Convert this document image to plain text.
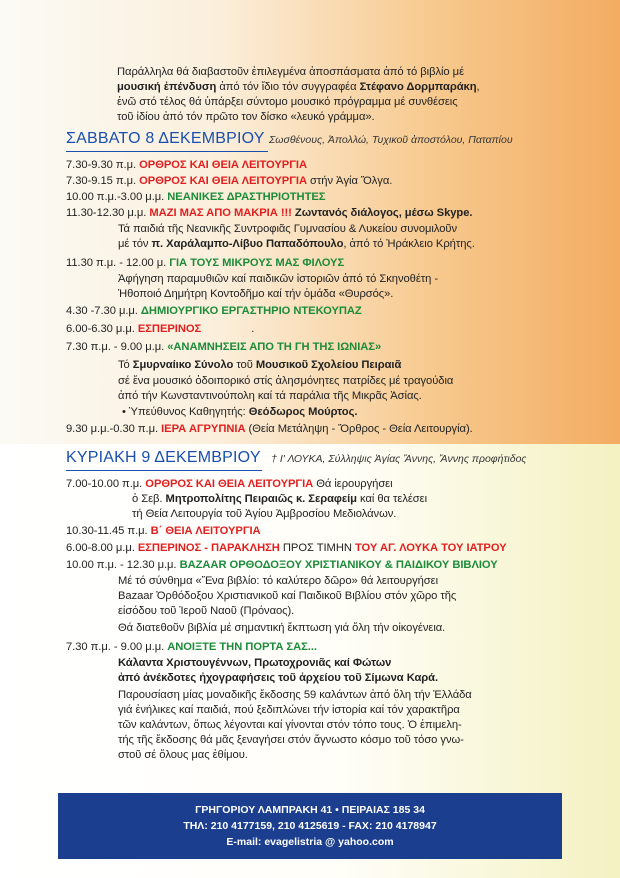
Παράλληλα θά διαβαστοῦν ἐπιλεγμένα ἀποσπάσματα ἀπό τό βιβλίο μέ
μουσική ἐπένδυση ἀπό τόν ἴδιο τόν συγγραφέα Στέφανο Δορμπαράκη,
ἐνῶ στό τέλος θά ὑπάρξει σύντομο μουσικό πρόγραμμα μέ συνθέσεις
τοῦ ἰδίου ἀπό τόν πρῶτο τον δίσκο «λευκό γράμμα».
ΣΑΒΒΑΤΟ 8 ΔΕΚΕΜΒΡΙΟΥ Σωσθένους, Ἀπολλώ, Τυχικοῦ ἀποστόλου, Παταπίου
7.30-9.30 π.μ. ΟΡΘΡΟΣ ΚΑΙ ΘΕΙΑ ΛΕΙΤΟΥΡΓΙΑ
7.30-9.15 π.μ. ΟΡΘΡΟΣ ΚΑΙ ΘΕΙΑ ΛΕΙΤΟΥΡΓΙΑ στήν Ἁγία Ὄλγα.
10.00 π.μ.-3.00 μ.μ. ΝΕΑΝΙΚΕΣ ΔΡΑΣΤΗΡΙΟΤΗΤΕΣ
11.30-12.30 μ.μ. ΜΑΖΙ ΜΑΣ ΑΠΟ ΜΑΚΡΙΑ !!! Ζωντανός διάλογος, μέσω Skype.
Τά παιδιά τῆς Νεανικῆς Συντροφιᾶς Γυμνασίου & Λυκείου συνομιλοῦν
μέ τόν π. Χαράλαμπο-Λίβυο Παπαδόπουλο, ἀπό τό Ἡράκλειο Κρήτης.
11.30 π.μ. - 12.00 μ. ΓΙΑ ΤΟΥΣ ΜΙΚΡΟΥΣ ΜΑΣ ΦΙΛΟΥΣ
Ἀφήγηση παραμυθιῶν καί παιδικῶν ἱστοριῶν ἀπό τό Σκηνοθέτη -
Ἠθοποιό Δημήτρη Κοντοδῆμο καί τήν ὁμάδα «Θυρσός».
4.30 -7.30 μ.μ. ΔΗΜΙΟΥΡΓΙΚΟ ΕΡΓΑΣΤΗΡΙΟ ΝΤΕΚΟΥΠΑΖ
6.00-6.30 μ.μ. ΕΣΠΕΡΙΝΟΣ	.
7.30 π.μ. - 9.00 μ.μ. «ΑΝΑΜΝΗΣΕΙΣ ΑΠΟ ΤΗ ΓΗ ΤΗΣ ΙΩΝΙΑΣ»
Τό Σμυρναίικο Σύνολο τοῦ Μουσικοῦ Σχολείου Πειραιᾶ
σέ ἕνα μουσικό ὁδοιπορικό στίς ἀλησμόνητες πατρίδες μέ τραγούδια
ἀπό τήν Κωνσταντινούπολη καί τά παράλια τῆς Μικρᾶς Ἀσίας.
• Ὑπεύθυνος Καθηγητής: Θεόδωρος Μούρτος.
9.30 μ.μ.-0.30 π.μ. ΙΕΡΑ ΑΓΡΥΠΝΙΑ (Θεία Μετάληψη - Ὄρθρος - Θεία Λειτουργία).
ΚΥΡΙΑΚΗ 9 ΔΕΚΕΜΒΡΙΟΥ † Ι' ΛΟΥΚΑ, Σύλληψις Ἁγίας Ἄννης, Ἄννης προφήτιδος
7.00-10.00 π.μ. ΟΡΘΡΟΣ ΚΑΙ ΘΕΙΑ ΛΕΙΤΟΥΡΓΙΑ Θά ἱερουργήσει
ὁ Σεβ. Μητροπολίτης Πειραιῶς κ. Σεραφείμ καί θα τελέσει
τή Θεία Λειτουργία τοῦ Ἁγίου Ἀμβροσίου Μεδιολάνων.
10.30-11.45 π.μ. Β΄ ΘΕΙΑ ΛΕΙΤΟΥΡΓΙΑ
6.00-8.00 μ.μ. ΕΣΠΕΡΙΝΟΣ - ΠΑΡΑΚΛΗΣΗ ΠΡΟΣ ΤΙΜΗΝ ΤΟΥ ΑΓ. ΛΟΥΚΑ ΤΟΥ ΙΑΤΡΟΥ
10.00 π.μ. - 12.30 μ.μ. BAZAAR ΟΡΘΟΔΟΞΟΥ ΧΡΙΣΤΙΑΝΙΚΟΥ & ΠΑΙΔΙΚΟΥ ΒΙΒΛΙΟΥ
Μέ τό σύνθημα «Ἕνα βιβλίο: τό καλύτερο δῶρο» θά λειτουργήσει
Bazaar Ὀρθόδοξου Χριστιανικοῦ καί Παιδικοῦ Βιβλίου στόν χῶρο τῆς
εἰσόδου τοῦ Ἱεροῦ Ναοῦ (Πρόναος).
Θά διατεθοῦν βιβλία μέ σημαντική ἔκπτωση γιά ὅλη τήν οἰκογένεια.
7.30 π.μ. - 9.00 μ.μ. ΑΝΟΙΞΤΕ ΤΗΝ ΠΟΡΤΑ ΣΑΣ...
Κάλαντα Χριστουγέννων, Πρωτοχρονιᾶς καί Φώτων
ἀπό ἀνέκδοτες ἠχογραφήσεις τοῦ ἀρχείου τοῦ Σίμωνα Καρά.
Παρουσίαση μίας μοναδικῆς ἔκδοσης 59 καλάντων ἀπό ὅλη τήν Ἑλλάδα
γιά ἐνήλικες καί παιδιά, πού ξεδιπλώνει τήν ἱστορία καί τόν χαρακτῆρα
τῶν καλάντων, ὅπως λέγονται καί γίνονται στόν τόπο τους. Ὁ ἐπιμελη-
τής τῆς ἔκδοσης θά μᾶς ξεναγήσει στόν ἄγνωστο κόσμο τοῦ τόσο γνω-
στοῦ σέ ὅλους μας ἐθίμου.
ΓΡΗΓΟΡΙΟΥ ΛΑΜΠΡΑΚΗ 41 • ΠΕΙΡΑΙΑΣ 185 34
ΤΗΛ: 210 4177159, 210 4125619 - FAX: 210 4178947
E-mail: evagelistria @ yahoo.com
